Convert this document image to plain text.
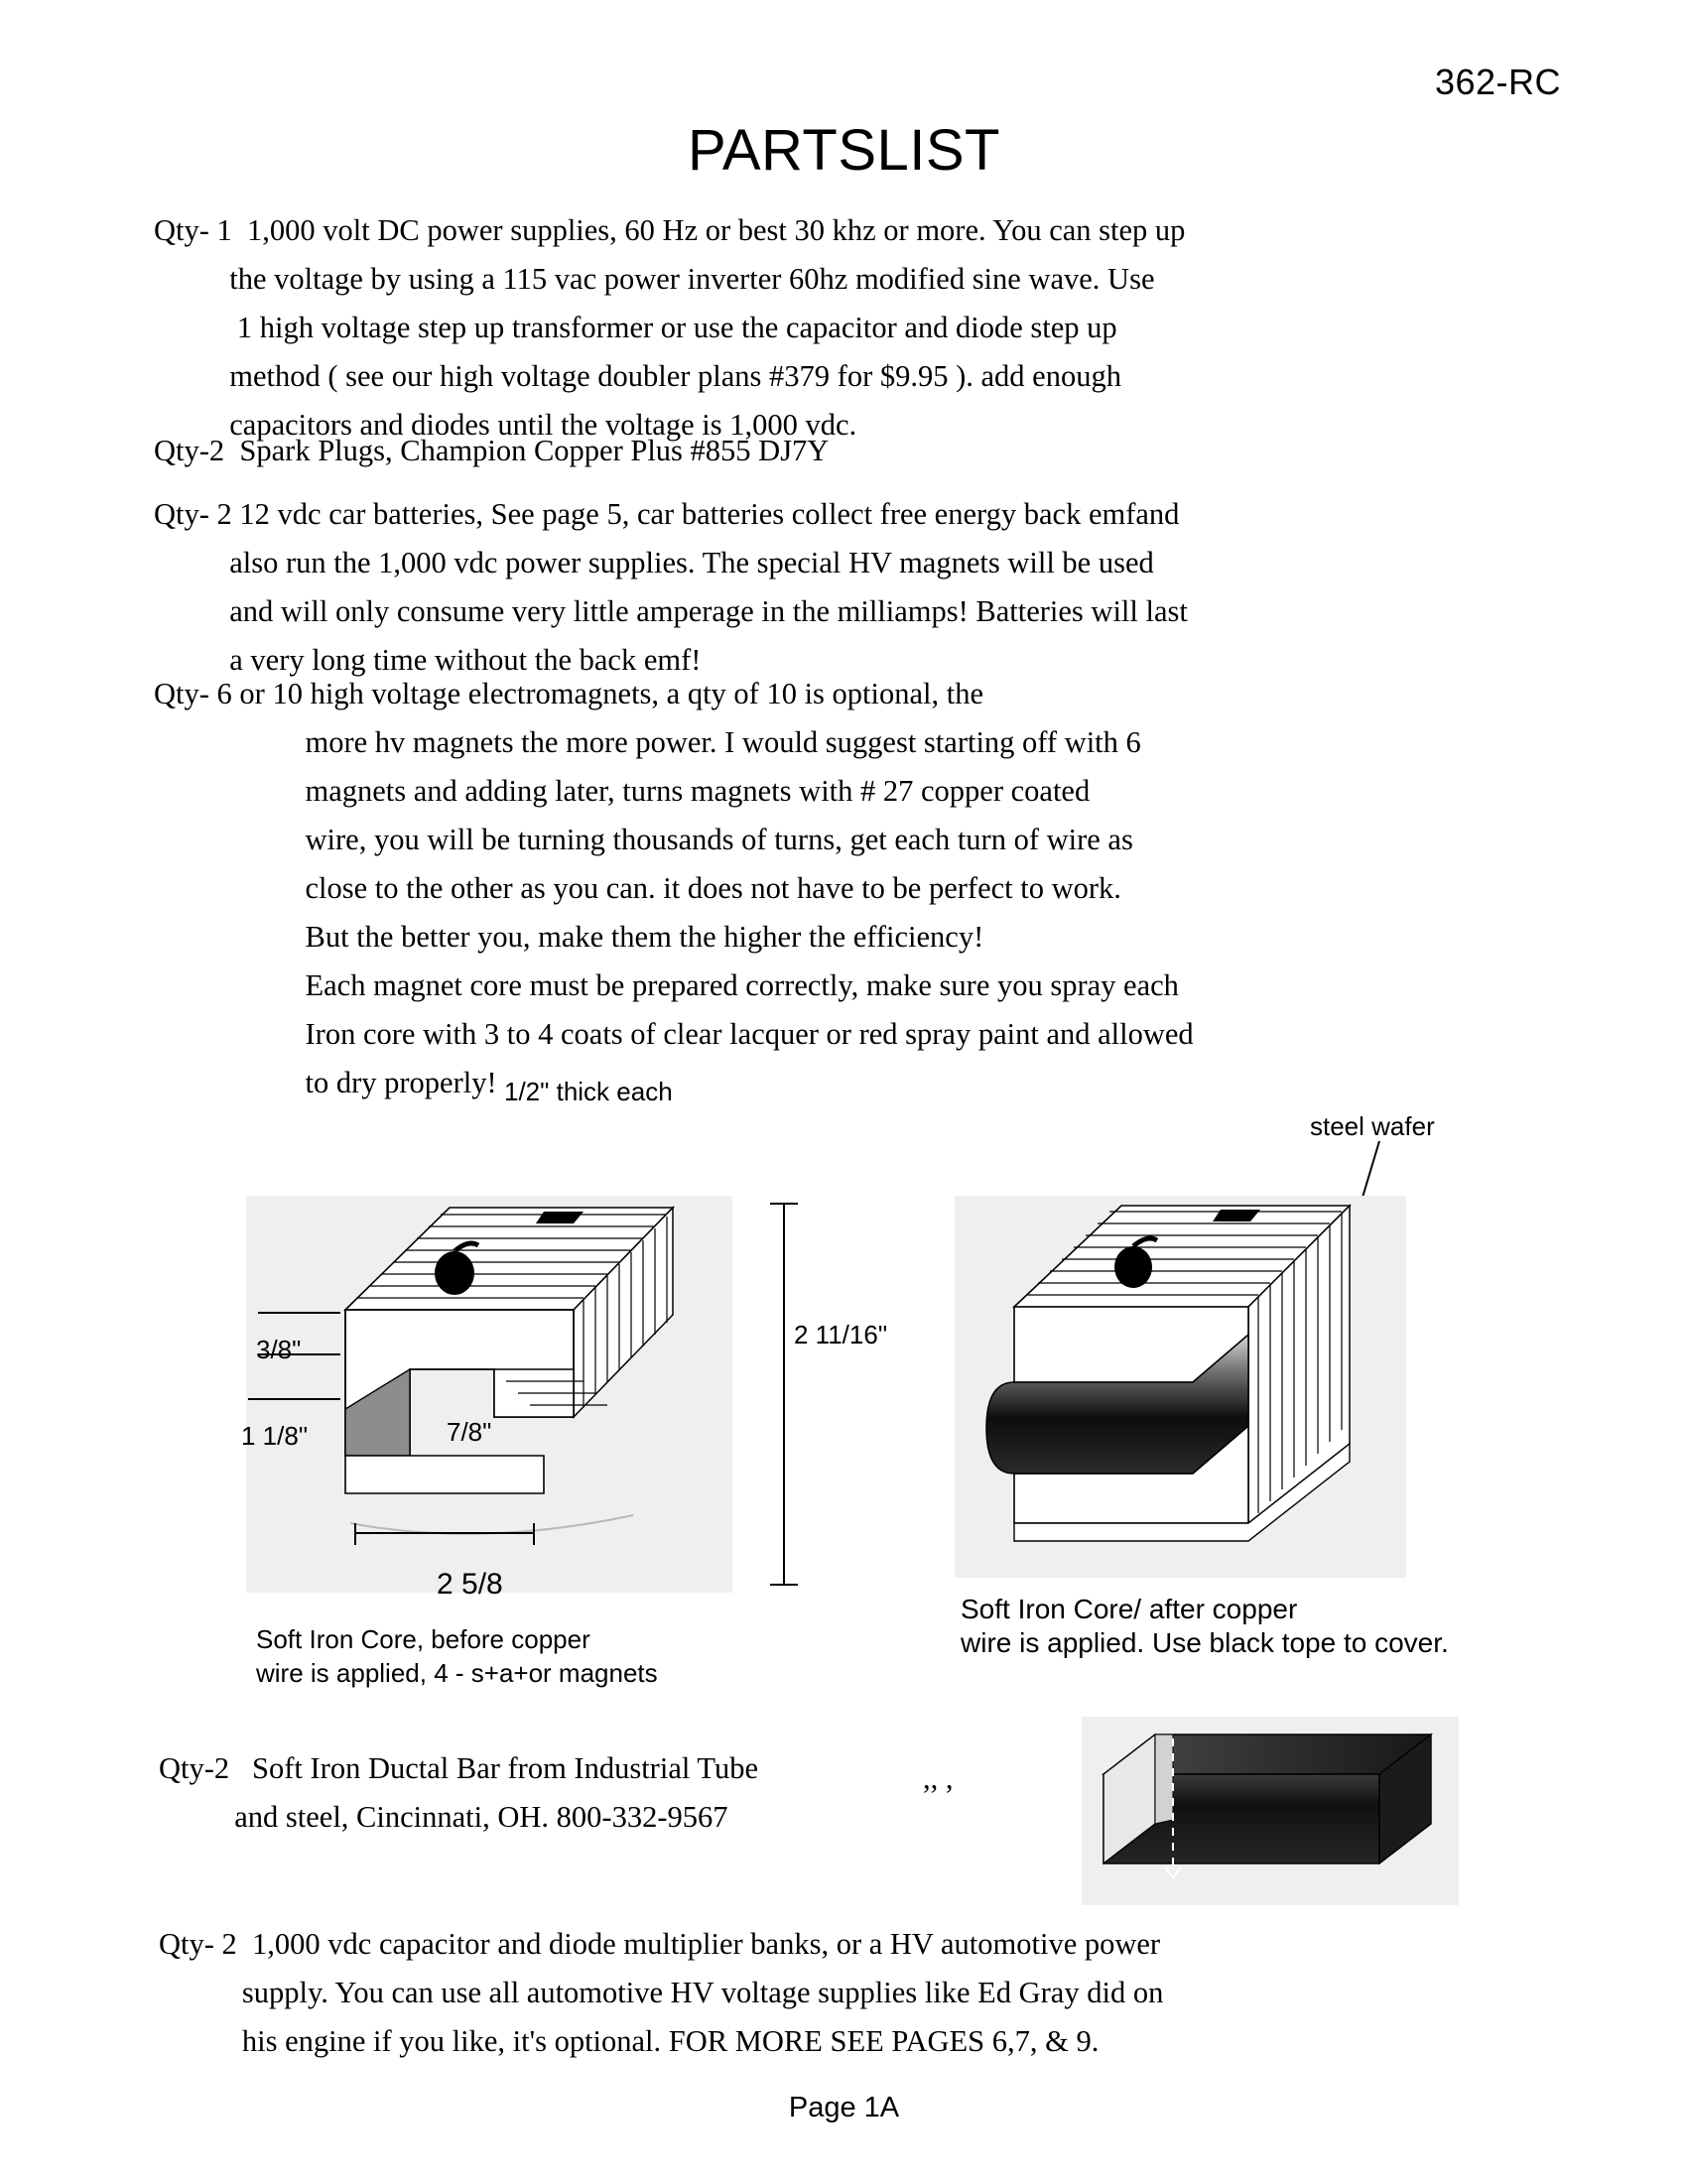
362-RC
PARTSLIST
Qty- 1  1,000 volt DC power supplies, 60 Hz or best 30 khz or more. You can step up
the voltage by using a 115 vac power inverter 60hz modified sine wave. Use
1 high voltage step up transformer or use the capacitor and diode step up
method ( see our high voltage doubler plans #379 for $9.95 ). add enough
capacitors and diodes until the voltage is 1,000 vdc.
Qty-2  Spark Plugs, Champion Copper Plus #855 DJ7Y
Qty- 2 12 vdc car batteries, See page 5, car batteries collect free energy back emfand
also run the 1,000 vdc power supplies. The special HV magnets will be used
and will only consume very little amperage in the milliamps! Batteries will last
a very long time without the back emf!
Qty- 6 or 10 high voltage electromagnets, a qty of 10 is optional, the
more hv magnets the more power. I would suggest starting off with 6
magnets and adding later, turns magnets with # 27 copper coated
wire, you will be turning thousands of turns, get each turn of wire as
close to the other as you can. it does not have to be perfect to work.
But the better you, make them the higher the efficiency!
Each magnet core must be prepared correctly, make sure you spray each
Iron core with 3 to 4 coats of clear lacquer or red spray paint and allowed
to dry properly! 1/2" thick each
steel wafer
3/8"
1 1/8"	7/8"
2 5/8
2 11/16"
Soft Iron Core, before copper
wire is applied, 4 - s+a+or magnets
Soft Iron Core/ after copper
wire is applied. Use black tope to cover.
Qty-2   Soft Iron Ductal Bar from Industrial Tube
and steel, Cincinnati, OH. 800-332-9567
,, ,
Qty- 2  1,000 vdc capacitor and diode multiplier banks, or a HV automotive power
supply. You can use all automotive HV voltage supplies like Ed Gray did on
his engine if you like, it's optional. FOR MORE SEE PAGES 6,7, & 9.
Page 1A
